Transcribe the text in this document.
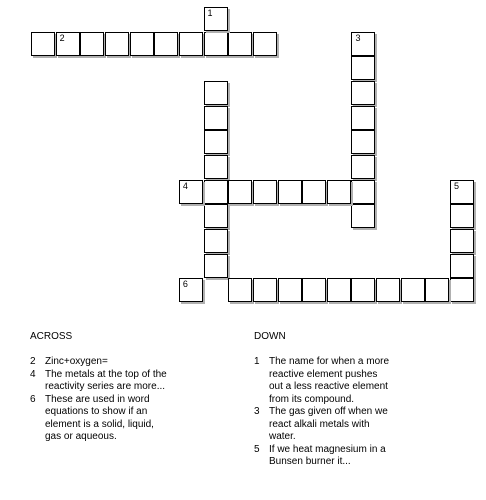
2
1
3
4	5
6
ACROSS
2 Zinc+oxygen=
4 The metals at the top of the reactivity series are more...
6 These are used in word equations to show if an element is a solid, liquid, gas or aqueous.
DOWN
1 The name for when a more reactive element pushes out a less reactive element from its compound.
3 The gas given off when we react alkali metals with water.
5 If we heat magnesium in a Bunsen burner it...
